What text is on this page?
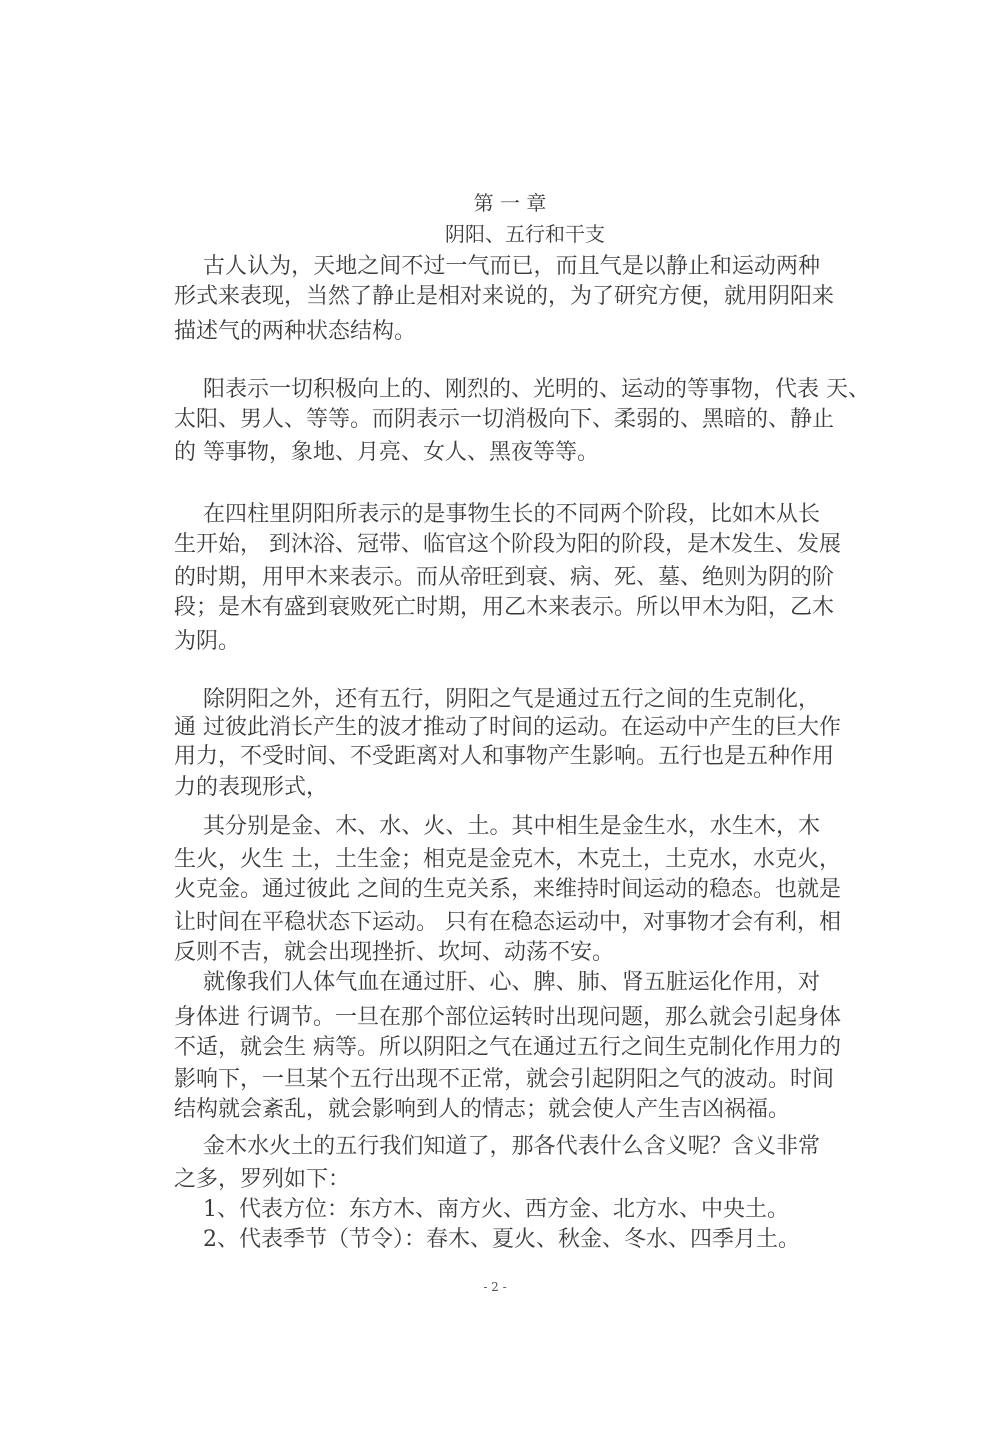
第 一 章
阴阳、五行和干支
古人认为，天地之间不过一气而已，而且气是以静止和运动两种
形式来表现，当然了静止是相对来说的，为了研究方便，就用阴阳来
描述气的两种状态结构。
阳表示一切积极向上的、刚烈的、光明的、运动的等事物，代表 天、
太阳、男人、等等。而阴表示一切消极向下、柔弱的、黑暗的、静止
的 等事物，象地、月亮、女人、黑夜等等。
在四柱里阴阳所表示的是事物生长的不同两个阶段，比如木从长
生开始， 到沐浴、冠带、临官这个阶段为阳的阶段，是木发生、发展
的时期，用甲木来表示。而从帝旺到衰、病、死、墓、绝则为阴的阶
段；是木有盛到衰败死亡时期，用乙木来表示。所以甲木为阳，乙木
为阴。
除阴阳之外，还有五行，阴阳之气是通过五行之间的生克制化，
通 过彼此消长产生的波才推动了时间的运动。在运动中产生的巨大作
用力，不受时间、不受距离对人和事物产生影响。五行也是五种作用
力的表现形式，
其分别是金、木、水、火、土。其中相生是金生水，水生木，木
生火，火生 土，土生金；相克是金克木，木克土，土克水，水克火，
火克金。通过彼此 之间的生克关系，来维持时间运动的稳态。也就是
让时间在平稳状态下运动。 只有在稳态运动中，对事物才会有利，相
反则不吉，就会出现挫折、坎坷、动荡不安。
就像我们人体气血在通过肝、心、脾、肺、肾五脏运化作用，对
身体进 行调节。一旦在那个部位运转时出现问题，那么就会引起身体
不适，就会生 病等。所以阴阳之气在通过五行之间生克制化作用力的
影响下，一旦某个五行出现不正常，就会引起阴阳之气的波动。时间
结构就会紊乱，就会影响到人的情志；就会使人产生吉凶祸福。
金木水火土的五行我们知道了，那各代表什么含义呢？含义非常
之多，罗列如下：
1、代表方位：东方木、南方火、西方金、北方水、中央土。
2、代表季节（节令）：春木、夏火、秋金、冬水、四季月土。
- 2 -
